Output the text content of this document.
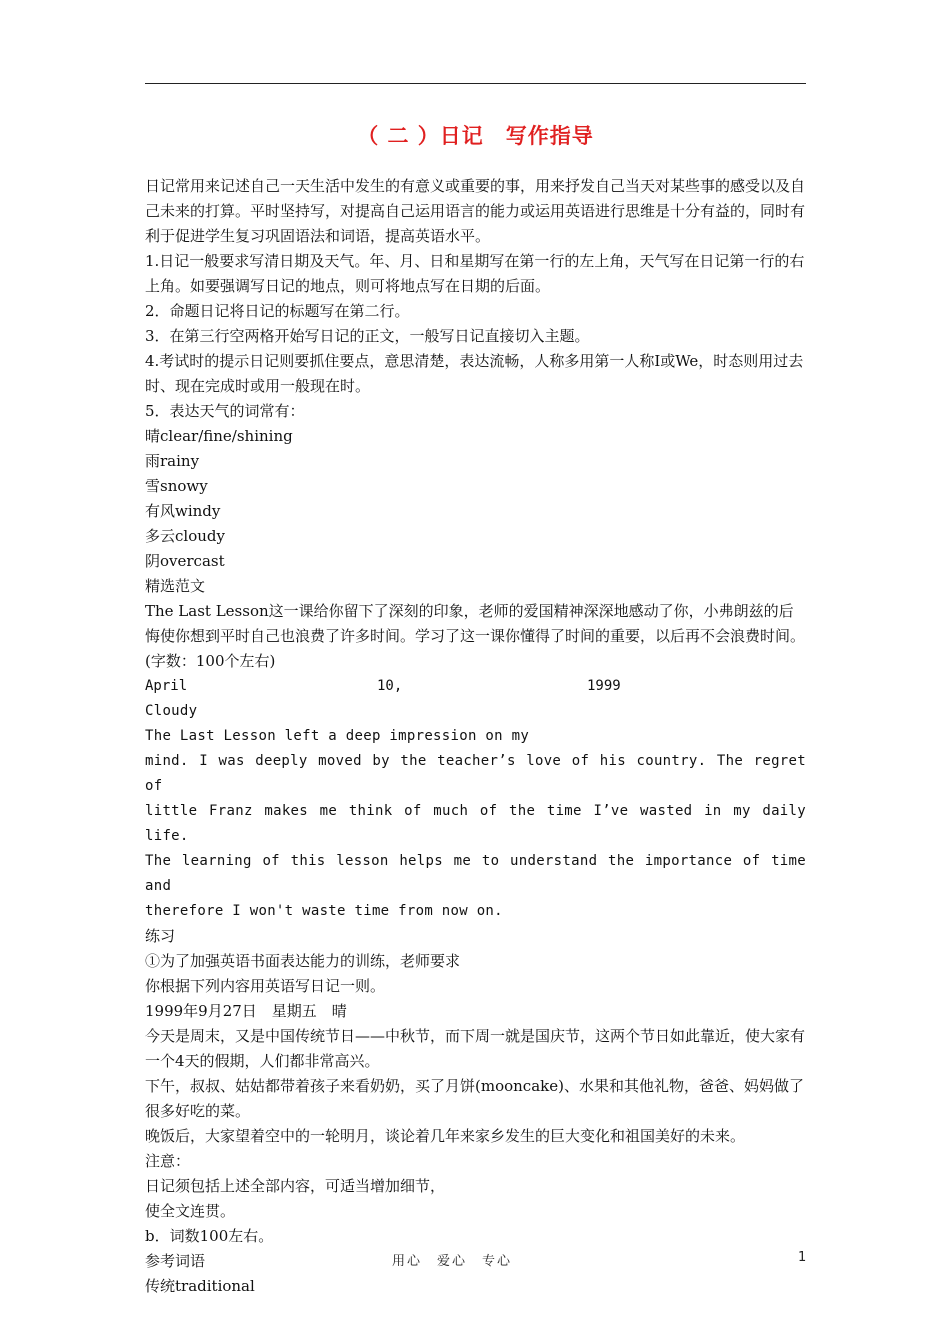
（ 二 ）日记　写作指导

日记常用来记述自己一天生活中发生的有意义或重要的事，用来抒发自己当天对某些事的感受以及自己未来的打算。平时坚持写，对提高自己运用语言的能力或运用英语进行思维是十分有益的，同时有利于促进学生复习巩固语法和词语，提高英语水平。

1.日记一般要求写清日期及天气。年、月、日和星期写在第一行的左上角，天气写在日记第一行的右上角。如要强调写日记的地点，则可将地点写在日期的后面。

2．命题日记将日记的标题写在第二行。

3．在第三行空两格开始写日记的正文，一般写日记直接切入主题。

4.考试时的提示日记则要抓住要点，意思清楚，表达流畅，人称多用第一人称I或We，时态则用过去时、现在完成时或用一般现在时。

5．表达天气的词常有：

晴clear/fine/shining

雨rainy

雪snowy

有风windy

多云cloudy

阴overcast

精选范文

The Last Lesson这一课给你留下了深刻的印象，老师的爱国精神深深地感动了你，小弗朗兹的后悔使你想到平时自己也浪费了许多时间。学习了这一课你懂得了时间的重要，以后再不会浪费时间。(字数：100个左右)

April	10,	1999

Cloudy

The Last Lesson left a deep impression on my

mind. I was deeply moved by the teacher’s love of his country. The regret of

little Franz makes me think of much of the time I’ve wasted in my daily life.

The learning of this lesson helps me to understand the importance of time and

therefore I won't waste time from now on.

练习

①为了加强英语书面表达能力的训练，老师要求

你根据下列内容用英语写日记一则。

1999年9月27日　星期五　晴

今天是周末，又是中国传统节日——中秋节，而下周一就是国庆节，这两个节日如此靠近，使大家有一个4天的假期，人们都非常高兴。

下午，叔叔、姑姑都带着孩子来看奶奶，买了月饼(mooncake)、水果和其他礼物，爸爸、妈妈做了很多好吃的菜。

晚饭后，大家望着空中的一轮明月，谈论着几年来家乡发生的巨大变化和祖国美好的未来。

注意：

日记须包括上述全部内容，可适当增加细节，

使全文连贯。

b．词数100左右。

参考词语

传统traditional

用心　爱心　专心	1
